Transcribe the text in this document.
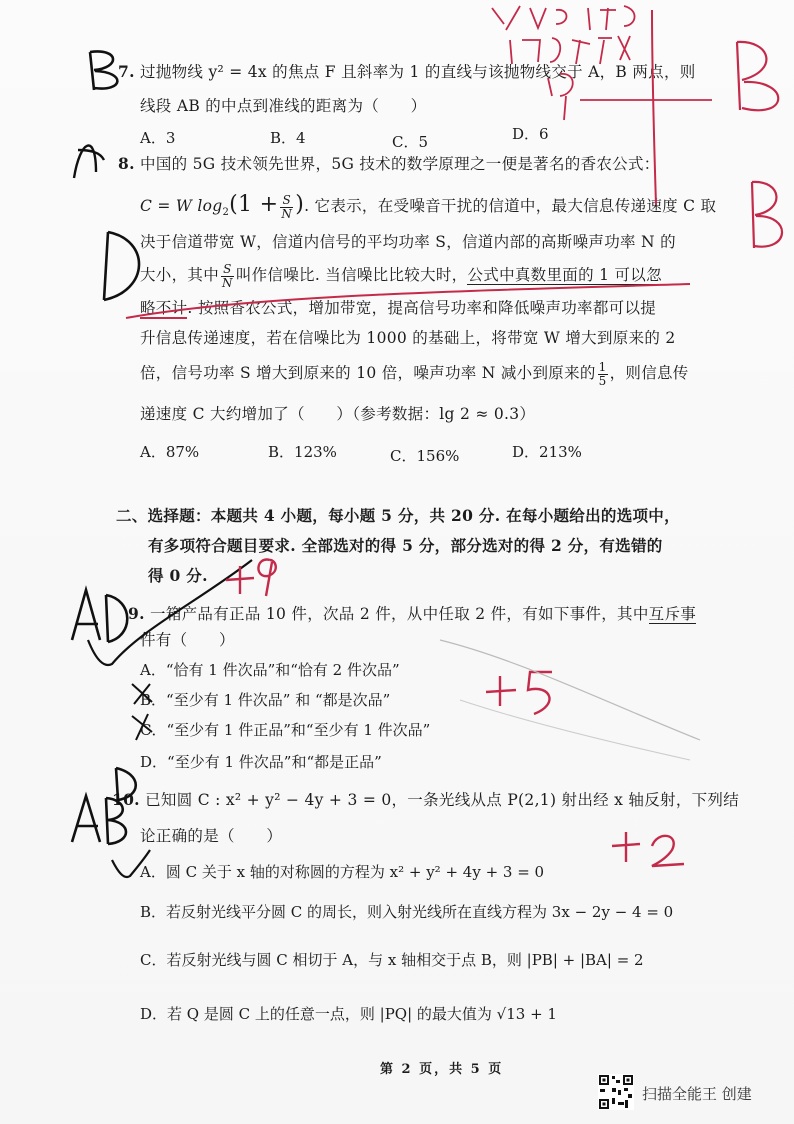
7. 过抛物线 y² = 4x 的焦点 F 且斜率为 1 的直线与该抛物线交于 A，B 两点，则
线段 AB 的中点到准线的距离为（　　）
A．3	B．4	C．5	D．6
8. 中国的 5G 技术领先世界，5G 技术的数学原理之一便是著名的香农公式：
C = W $\log_2(1 + \frac{S}{N}$ ). 它表示，在受噪音干扰的信道中，最大信息传递速度 C 取
决于信道带宽 W，信道内信号的平均功率 S，信道内部的高斯噪声功率 N 的
大小，其中 $\frac{S}{N}$ 叫作信噪比. 当信噪比比较大时，公式中真数里面的 1 可以忽
略不计. 按照香农公式，增加带宽，提高信号功率和降低噪声功率都可以提
升信息传递速度，若在信噪比为 1000 的基础上，将带宽 W 增大到原来的 2
倍，信号功率 S 增大到原来的 10 倍，噪声功率 N 减小到原来的 $\frac{1}{5}$ ，则信息传
递速度 C 大约增加了（　　）（参考数据：lg 2 ≈ 0.3）
A．87%	B．123%	C．156%	D．213%
二、选择题：本题共 4 小题，每小题 5 分，共 20 分. 在每小题给出的选项中，
有多项符合题目要求. 全部选对的得 5 分，部分选对的得 2 分，有选错的
得 0 分.
9. 一箱产品有正品 10 件，次品 2 件，从中任取 2 件，有如下事件，其中互斥事
件有（　　）
A．“恰有 1 件次品”和“恰有 2 件次品”
B．“至少有 1 件次品” 和 “都是次品”
C．“至少有 1 件正品”和“至少有 1 件次品”
D．“至少有 1 件次品”和“都是正品”
10. 已知圆 C : x² + y² − 4y + 3 = 0，一条光线从点 P(2,1) 射出经 x 轴反射，下列结
论正确的是（　　）
A．圆 C 关于 x 轴的对称圆的方程为 x² + y² + 4y + 3 = 0
B．若反射光线平分圆 C 的周长，则入射光线所在直线方程为 3x − 2y − 4 = 0
C．若反射光线与圆 C 相切于 A，与 x 轴相交于点 B，则 |PB| + |BA| = 2
D．若 Q 是圆 C 上的任意一点，则 |PQ| 的最大值为 √13 + 1
第 2 页，共 5 页
扫描全能王 创建
